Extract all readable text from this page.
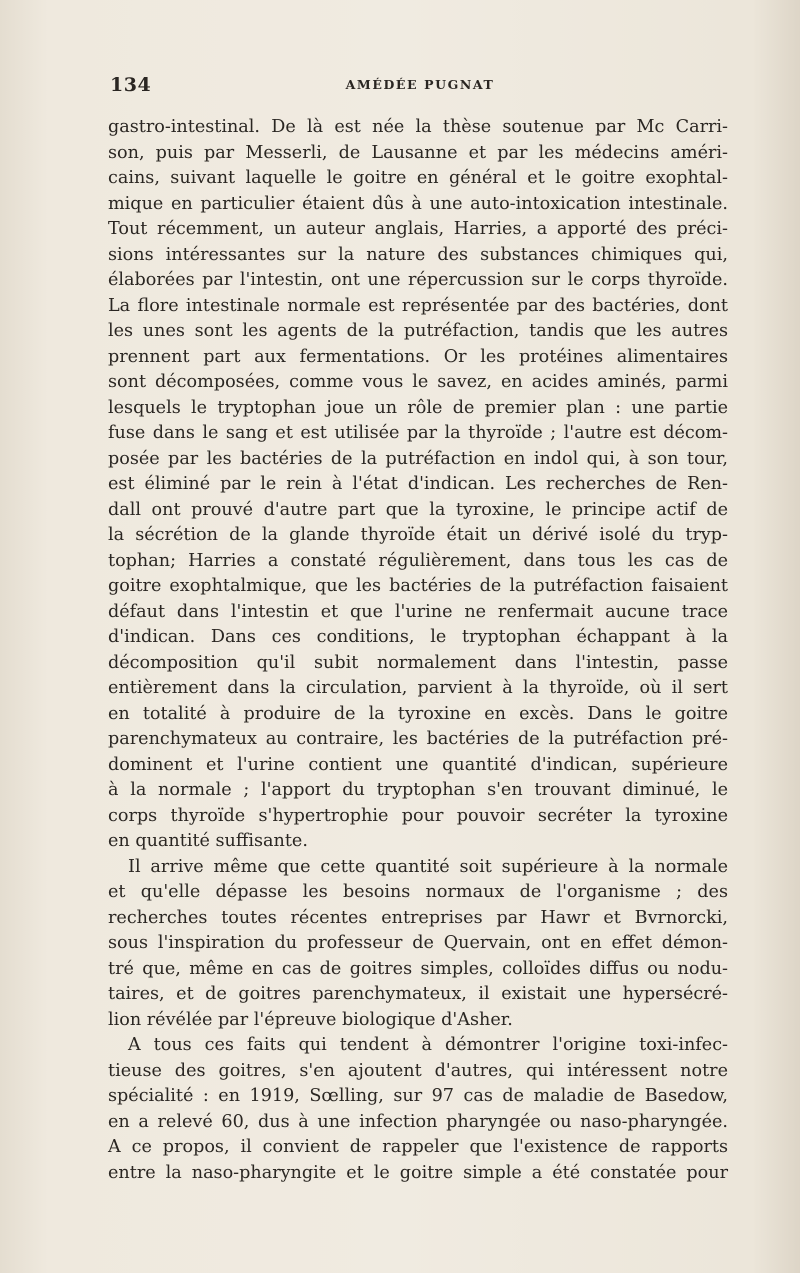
134	AMÉDÉE PUGNAT
gastro-intestinal. De là est née la thèse soutenue par Mc Carri-
son, puis par Messerli, de Lausanne et par les médecins améri-
cains, suivant laquelle le goitre en général et le goitre exophtal-
mique en particulier étaient dûs à une auto-intoxication intestinale.
Tout récemment, un auteur anglais, Harries, a apporté des préci-
sions intéressantes sur la nature des substances chimiques qui,
élaborées par l'intestin, ont une répercussion sur le corps thyroïde.
La flore intestinale normale est représentée par des bactéries, dont
les unes sont les agents de la putréfaction, tandis que les autres
prennent part aux fermentations. Or les protéines alimentaires
sont décomposées, comme vous le savez, en acides aminés, parmi
lesquels le tryptophan joue un rôle de premier plan : une partie
fuse dans le sang et est utilisée par la thyroïde ; l'autre est décom-
posée par les bactéries de la putréfaction en indol qui, à son tour,
est éliminé par le rein à l'état d'indican. Les recherches de Ren-
dall ont prouvé d'autre part que la tyroxine, le principe actif de
la sécrétion de la glande thyroïde était un dérivé isolé du tryp-
tophan; Harries a constaté régulièrement, dans tous les cas de
goitre exophtalmique, que les bactéries de la putréfaction faisaient
défaut dans l'intestin et que l'urine ne renfermait aucune trace
d'indican. Dans ces conditions, le tryptophan échappant à la
décomposition qu'il subit normalement dans l'intestin, passe
entièrement dans la circulation, parvient à la thyroïde, où il sert
en totalité à produire de la tyroxine en excès. Dans le goitre
parenchymateux au contraire, les bactéries de la putréfaction pré-
dominent et l'urine contient une quantité d'indican, supérieure
à la normale ; l'apport du tryptophan s'en trouvant diminué, le
corps thyroïde s'hypertrophie pour pouvoir secréter la tyroxine
en quantité suffisante.
Il arrive même que cette quantité soit supérieure à la normale
et qu'elle dépasse les besoins normaux de l'organisme ; des
recherches toutes récentes entreprises par Hawr et Bvrnorcki,
sous l'inspiration du professeur de Quervain, ont en effet démon-
tré que, même en cas de goitres simples, colloïdes diffus ou nodu-
taires, et de goitres parenchymateux, il existait une hypersécré-
lion révélée par l'épreuve biologique d'Asher.
A tous ces faits qui tendent à démontrer l'origine toxi-infec-
tieuse des goitres, s'en ajoutent d'autres, qui intéressent notre
spécialité : en 1919, Sœlling, sur 97 cas de maladie de Basedow,
en a relevé 60, dus à une infection pharyngée ou naso-pharyngée.
A ce propos, il convient de rappeler que l'existence de rapports
entre la naso-pharyngite et le goitre simple a été constatée pour
